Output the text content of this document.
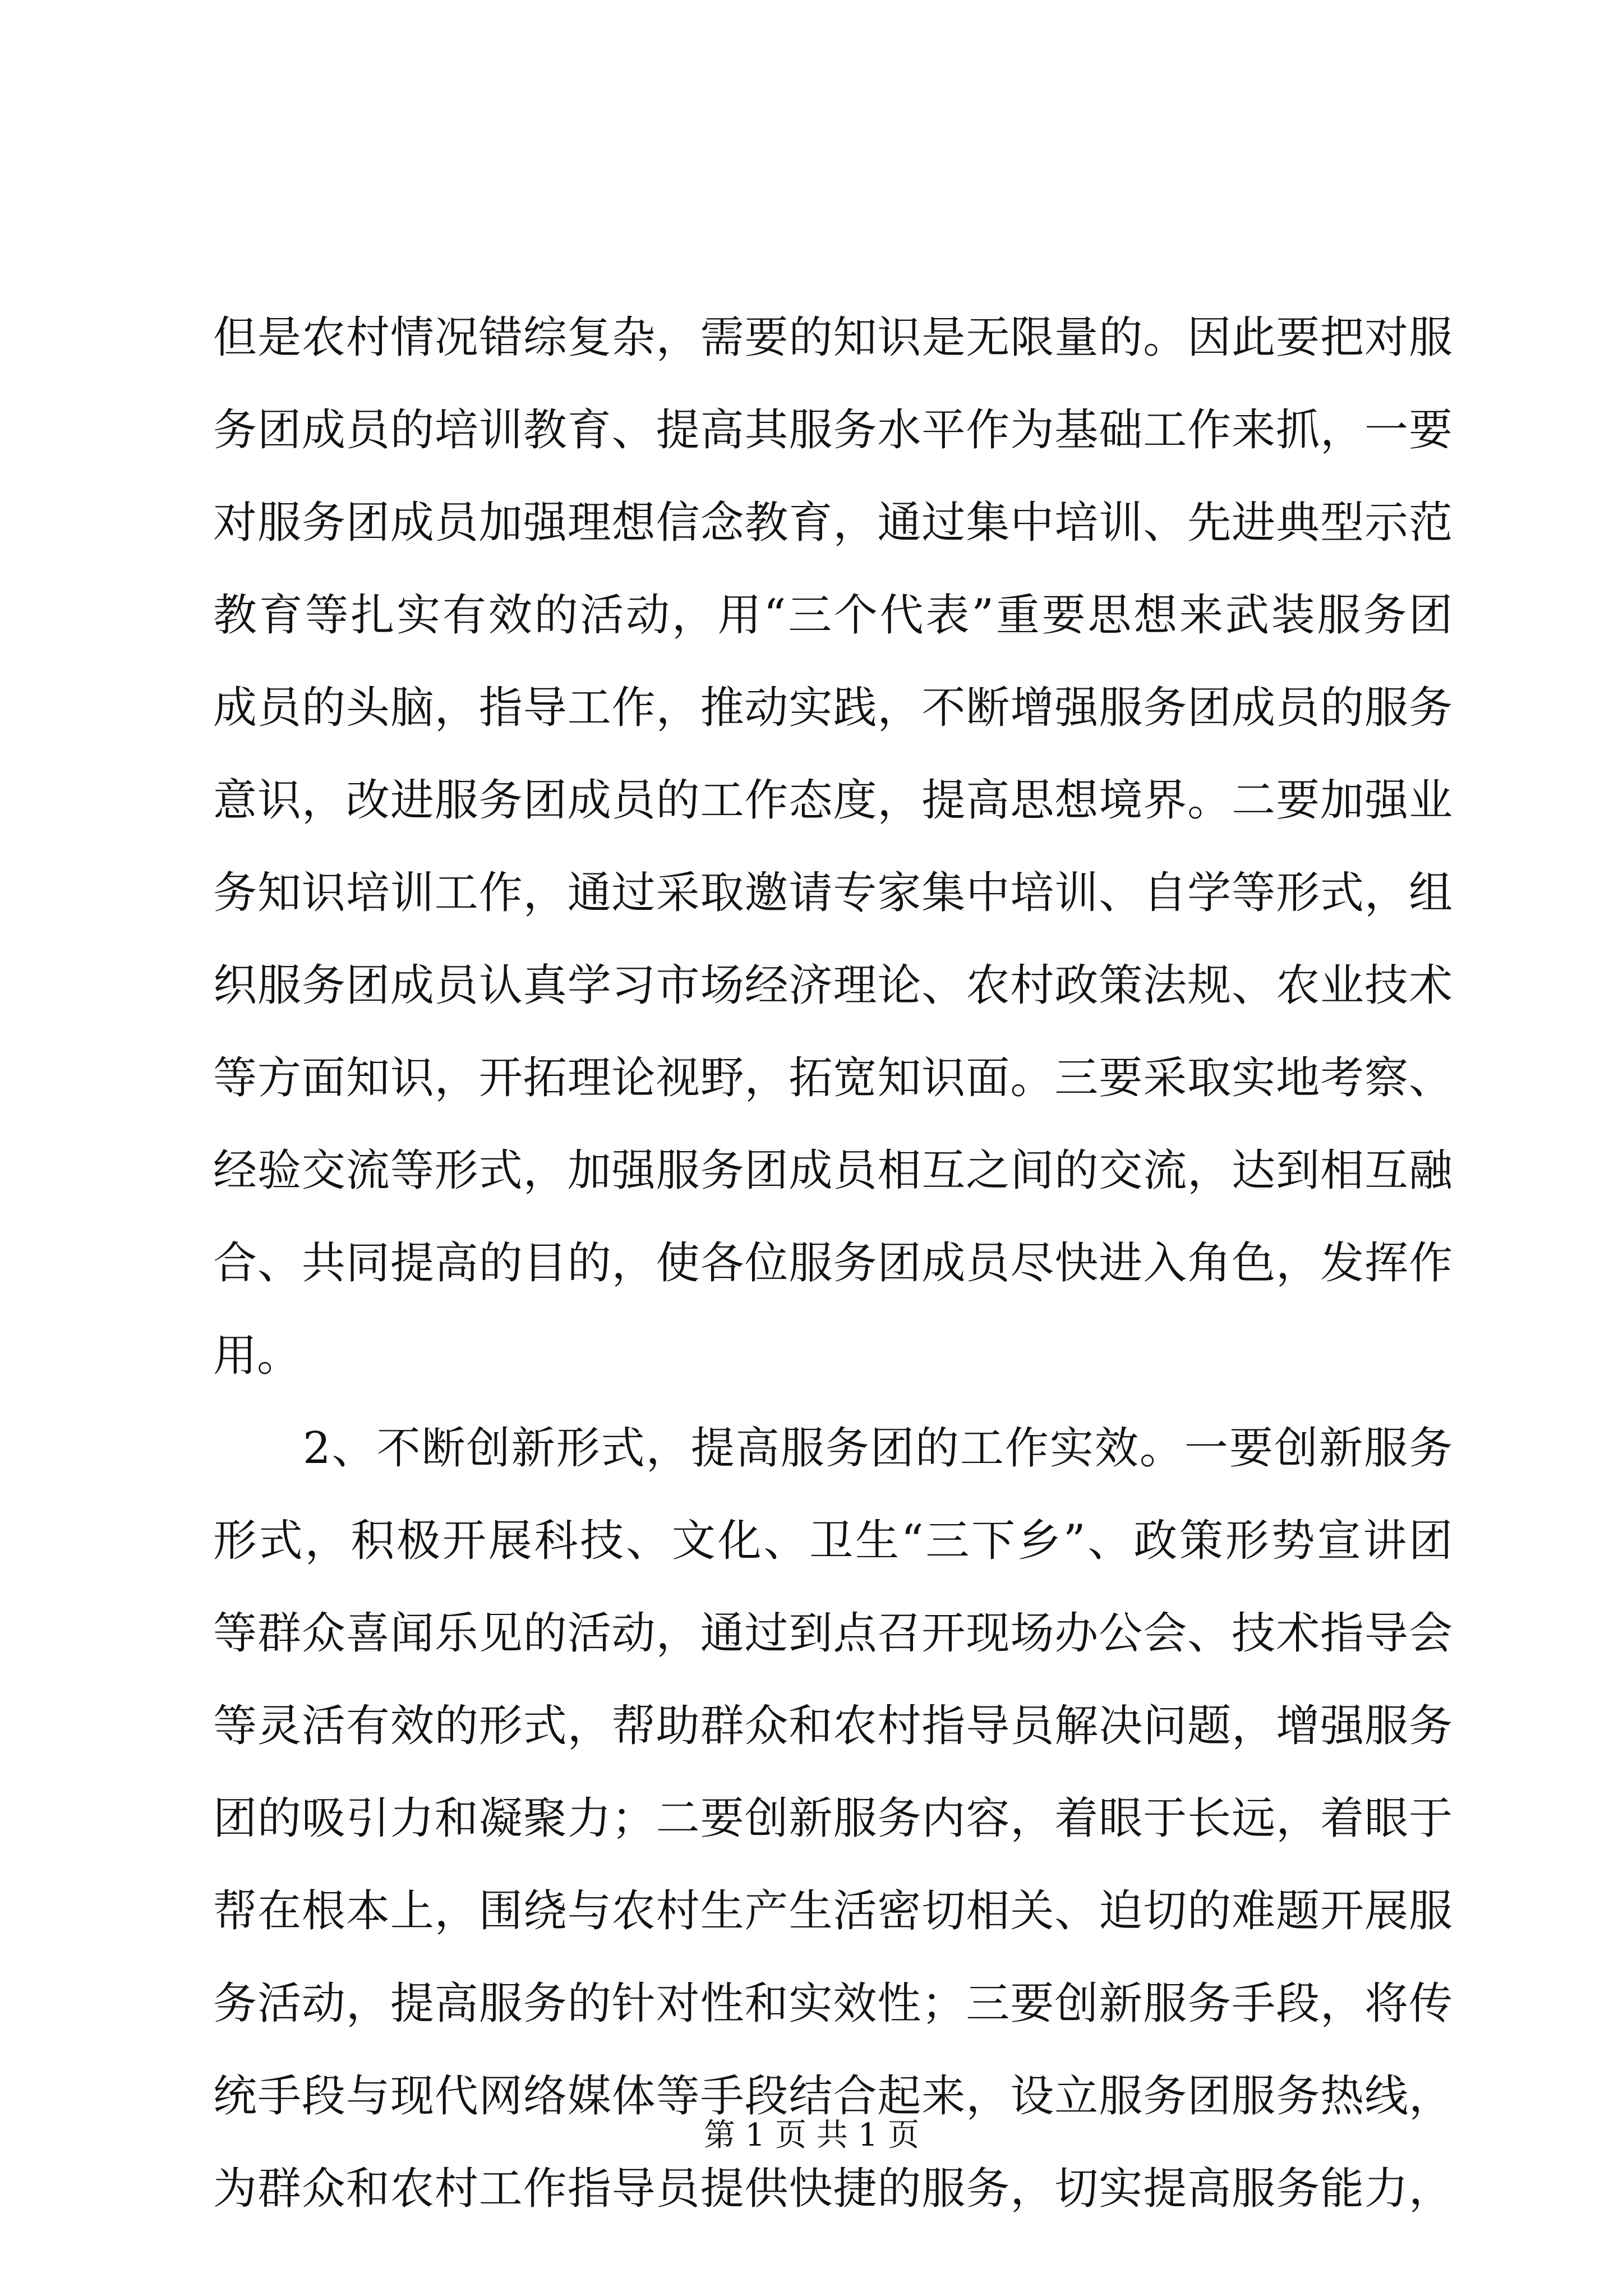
但是农村情况错综复杂，需要的知识是无限量的。因此要把对服
务团成员的培训教育、提高其服务水平作为基础工作来抓，一要
对服务团成员加强理想信念教育，通过集中培训、先进典型示范
教育等扎实有效的活动，用“三个代表”重要思想来武装服务团
成员的头脑，指导工作，推动实践，不断增强服务团成员的服务
意识，改进服务团成员的工作态度，提高思想境界。二要加强业
务知识培训工作，通过采取邀请专家集中培训、自学等形式，组
织服务团成员认真学习市场经济理论、农村政策法规、农业技术
等方面知识，开拓理论视野，拓宽知识面。三要采取实地考察、
经验交流等形式，加强服务团成员相互之间的交流，达到相互融
合、共同提高的目的，使各位服务团成员尽快进入角色，发挥作
用。
2、不断创新形式，提高服务团的工作实效。一要创新服务
形式，积极开展科技、文化、卫生“三下乡”、政策形势宣讲团
等群众喜闻乐见的活动，通过到点召开现场办公会、技术指导会
等灵活有效的形式，帮助群众和农村指导员解决问题，增强服务
团的吸引力和凝聚力；二要创新服务内容，着眼于长远，着眼于
帮在根本上，围绕与农村生产生活密切相关、迫切的难题开展服
务活动，提高服务的针对性和实效性；三要创新服务手段，将传
统手段与现代网络媒体等手段结合起来，设立服务团服务热线，
为群众和农村工作指导员提供快捷的服务，切实提高服务能力，
第 1 页 共 1 页
